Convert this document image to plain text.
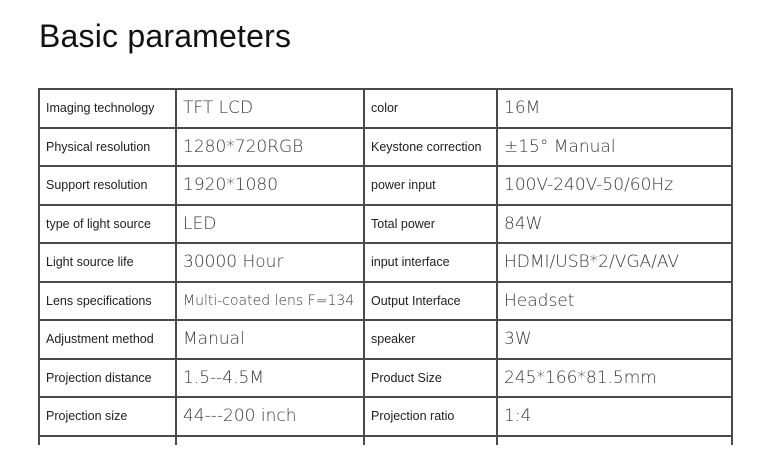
Basic parameters
Imaging technology	TFT LCD	color	16M
Physical resolution	1280*720RGB	Keystone correction	±15° Manual
Support resolution	1920*1080	power input	100V-240V-50/60Hz
type of light source	LED	Total power	84W
Light source life	30000 Hour	input interface	HDMI/USB*2/VGA/AV
Lens specifications	Multi-coated lens F=134	Output Interface	Headset
Adjustment method	Manual	speaker	3W
Projection distance	1.5--4.5M	Product Size	245*166*81.5mm
Projection size	44---200 inch	Projection ratio	1:4
